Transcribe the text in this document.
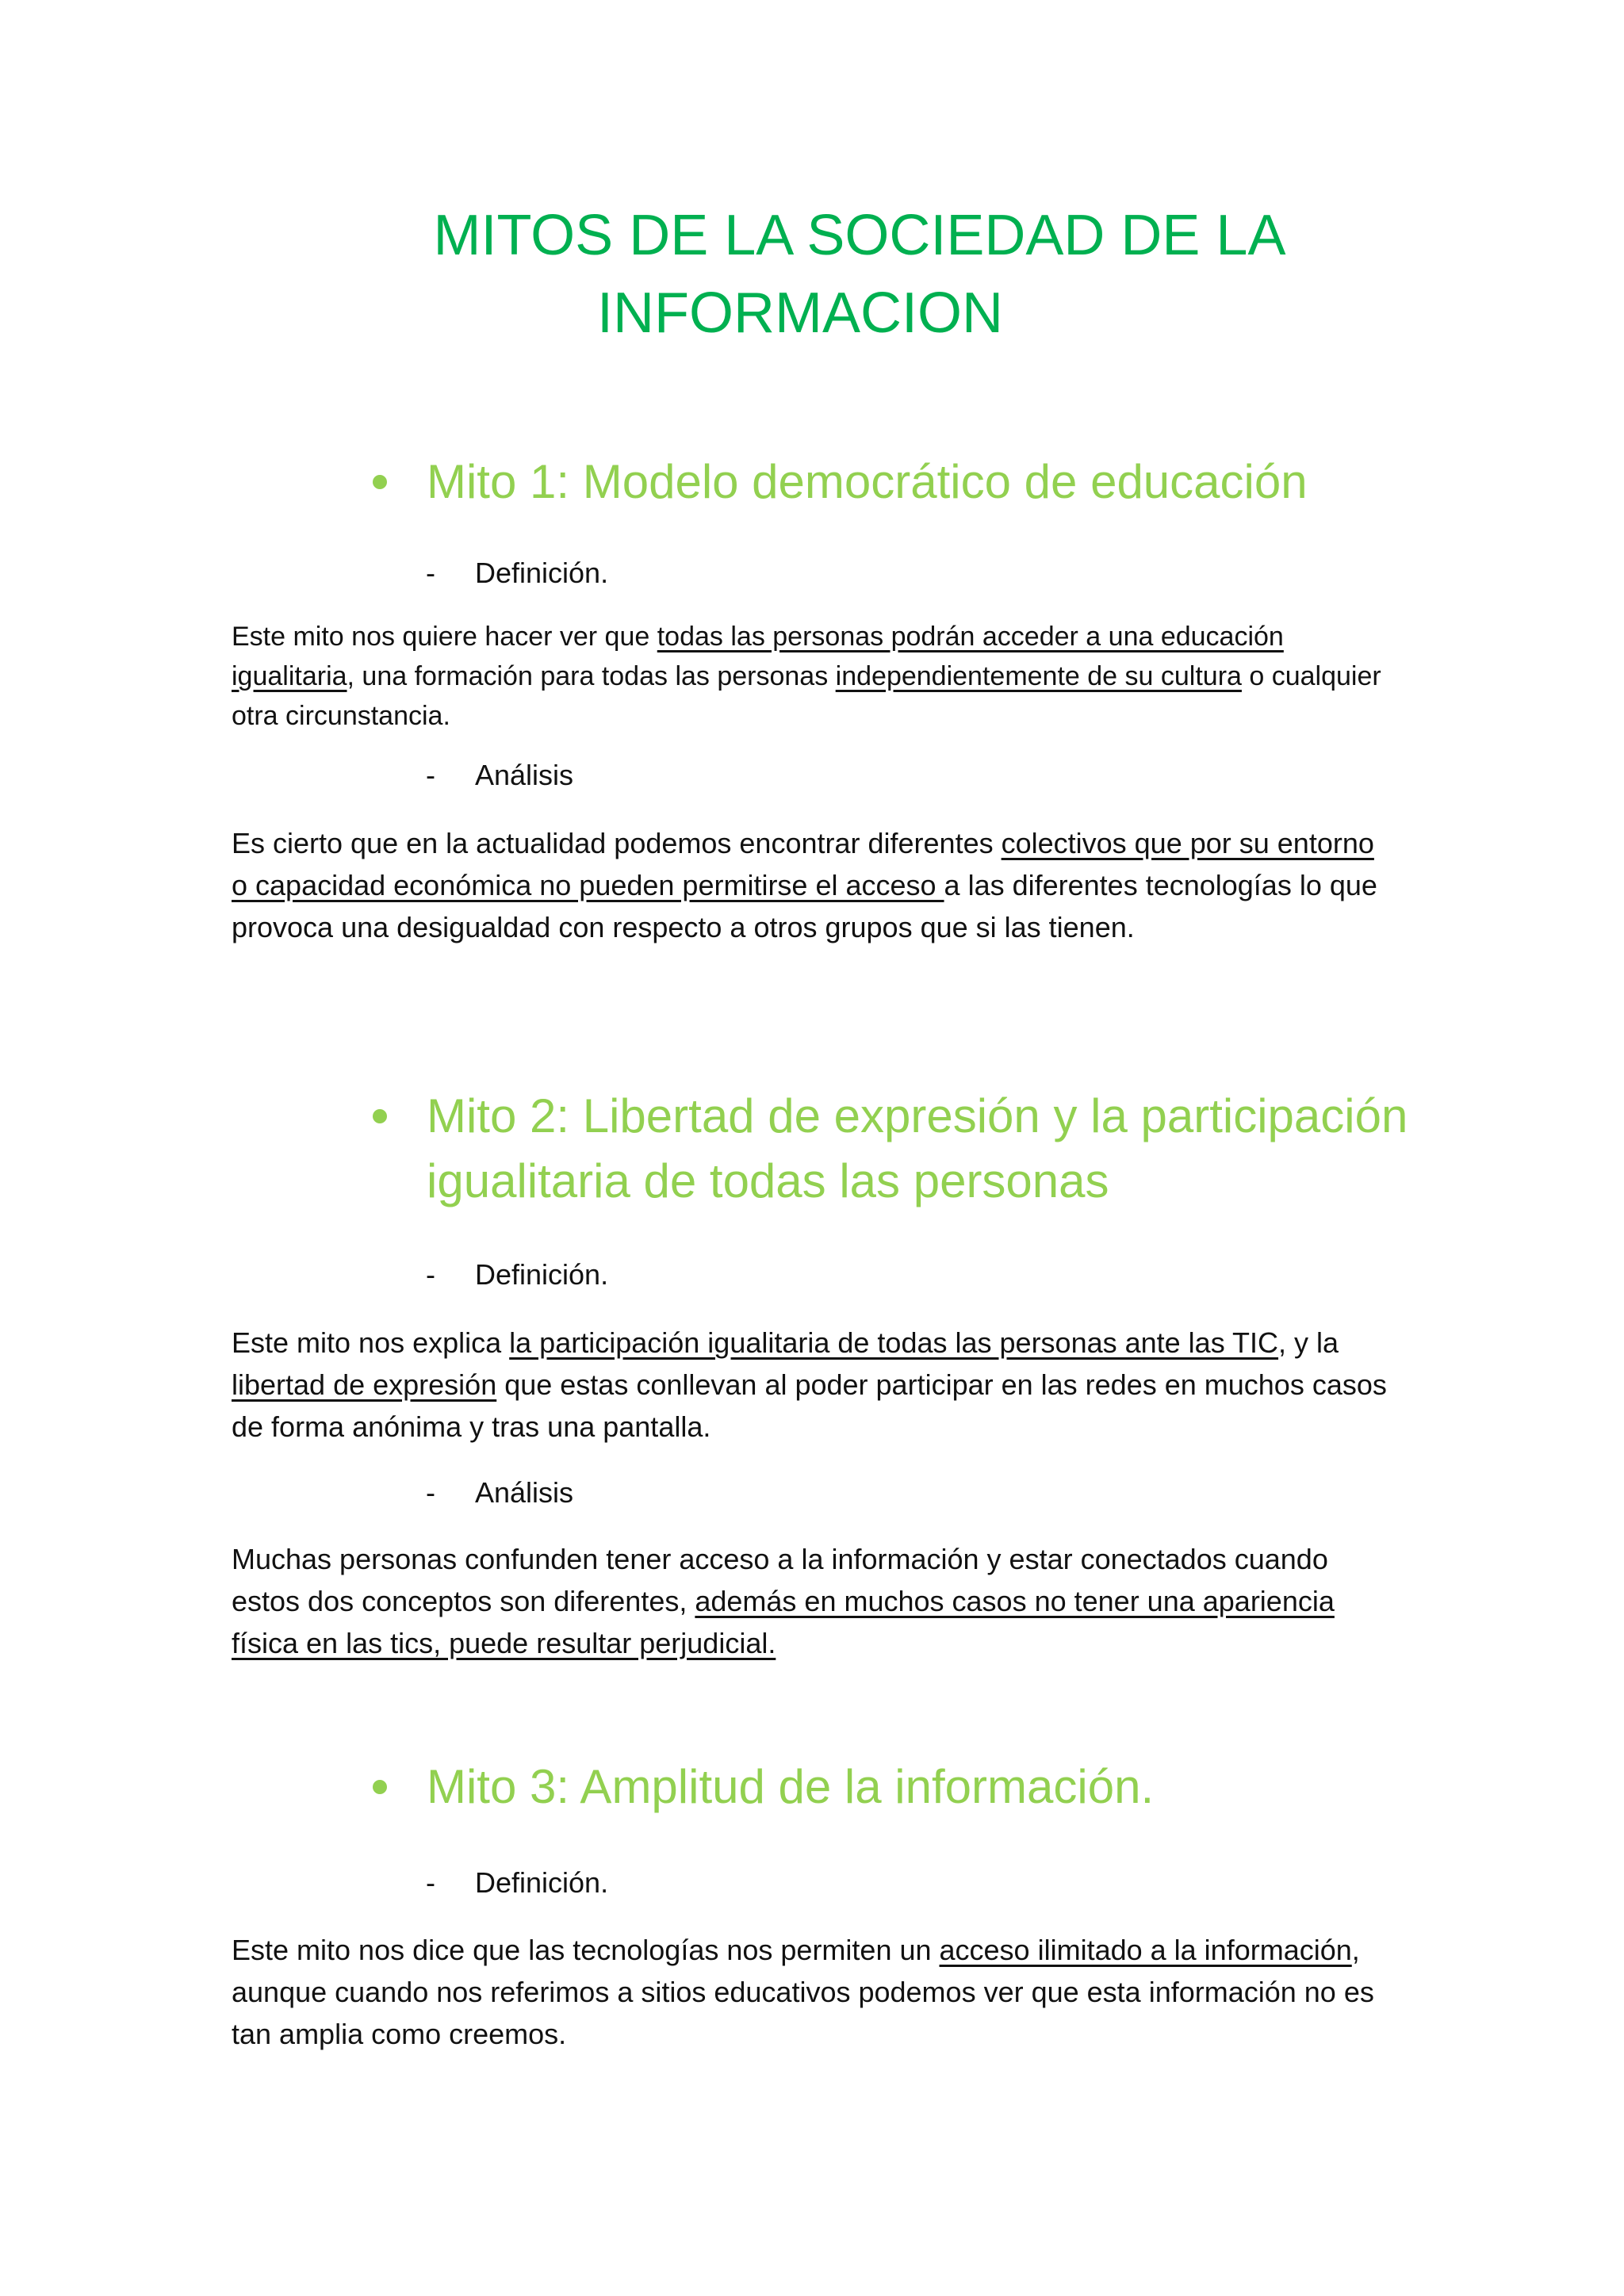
MITOS DE LA SOCIEDAD DE LA
INFORMACION
Mito 1: Modelo democrático de educación
- Definición.

Este mito nos quiere hacer ver que todas las personas podrán acceder a una educación igualitaria, una formación para todas las personas independientemente de su cultura o cualquier otra circunstancia.

- Análisis

Es cierto que en la actualidad podemos encontrar diferentes colectivos que por su entorno o capacidad económica no pueden permitirse el acceso a las diferentes tecnologías lo que provoca una desigualdad con respecto a otros grupos que si las tienen.

Mito 2: Libertad de expresión y la participación
igualitaria de todas las personas
- Definición.

Este mito nos explica la participación igualitaria de todas las personas ante las TIC, y la libertad de expresión que estas conllevan al poder participar en las redes en muchos casos de forma anónima y tras una pantalla.

- Análisis

Muchas personas confunden tener acceso a la información y estar conectados cuando estos dos conceptos son diferentes, además en muchos casos no tener una apariencia física en las tics, puede resultar perjudicial.

Mito 3: Amplitud de la información.
- Definición.

Este mito nos dice que las tecnologías nos permiten un acceso ilimitado a la información, aunque cuando nos referimos a sitios educativos podemos ver que esta información no es tan amplia como creemos.
